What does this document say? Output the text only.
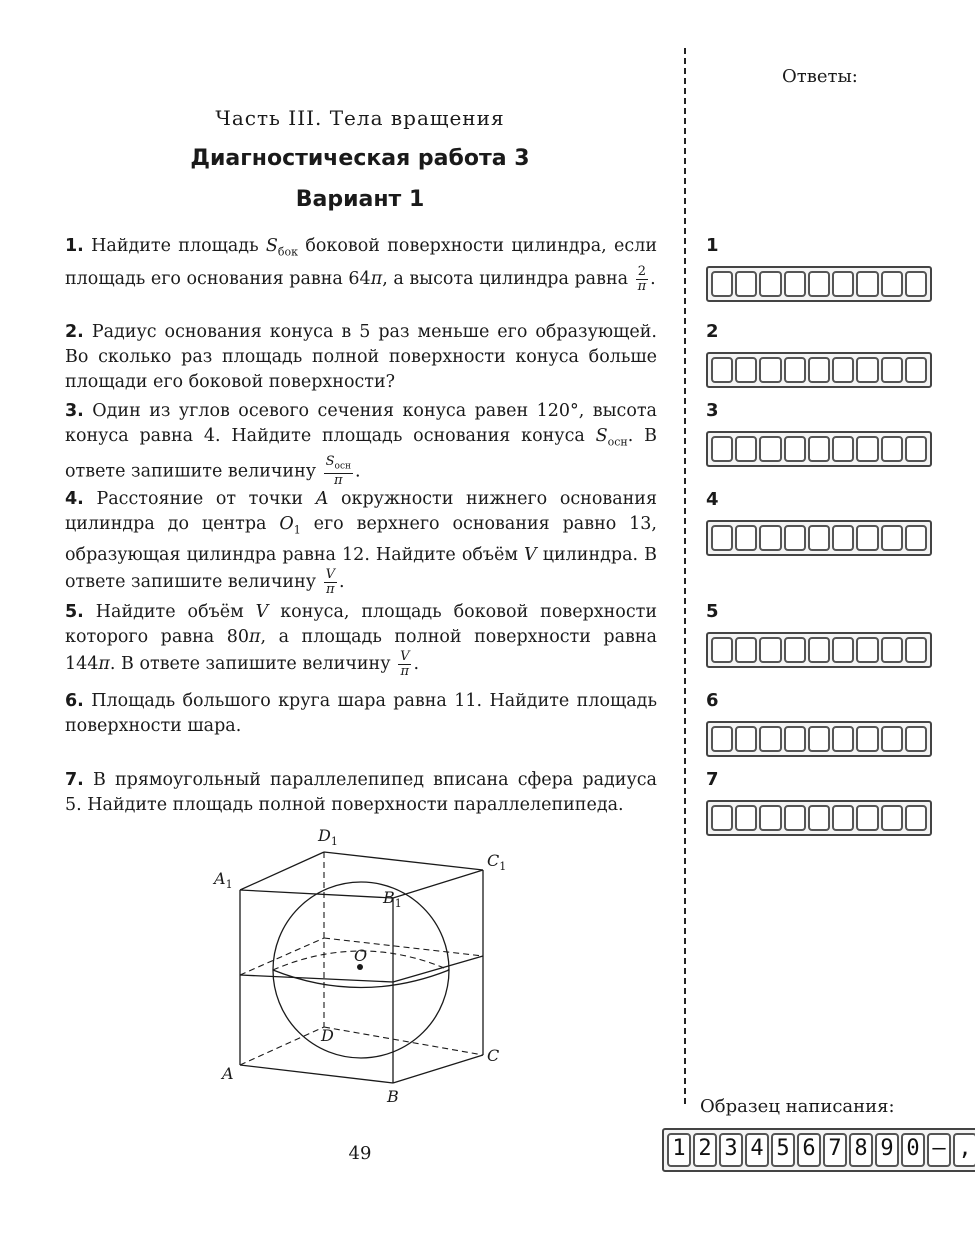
Часть III. Тела вращения
Диагностическая работа 3
Вариант 1
1. Найдите площадь $S_{бок}$ боковой поверхности цилиндра, если площадь его основания равна 64π, а высота цилиндра равна $\frac{2}{\pi}$ .
2. Радиус основания конуса в 5 раз меньше его образующей. Во сколько раз площадь полной поверхности конуса больше площади его боковой поверхности?
3. Один из углов осевого сечения конуса равен 120°, высота конуса равна 4. Найдите площадь основания конуса $S_{осн}$. В ответе запишите величину $\frac{S_{осн}}{\pi}$ .
4. Расстояние от точки A окружности нижнего основания цилиндра до центра $O_1$ его верхнего основания равно 13, образующая цилиндра равна 12. Найдите объём V цилиндра. В ответе запишите величину $\frac{V}{\pi}$ .
5. Найдите объём V конуса, площадь боковой поверхности которого равна 80π, а площадь полной поверхности равна 144π. В ответе запишите величину $\frac{V}{\pi}$ .
6. Площадь большого круга шара равна 11. Найдите площадь поверхности шара.
7. В прямоугольный параллелепипед вписана сфера радиуса 5. Найдите площадь полной поверхности параллелепипеда.
$D_1$
$C_1$
$A_1$
$B_1$
O
D
C
A
B
Ответы:
1
2
3
4
5
6
7
49
Образец написания:
1 2 3 4 5 6 7 8 9 0 – ,
